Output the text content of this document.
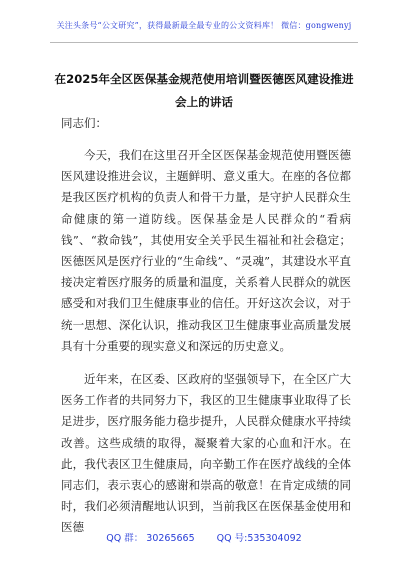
关注头条号“公文研究”，获得最新最全最专业的公文资料库！ 微信：gongwenyj
在2025年全区医保基金规范使用培训暨医德医风建设推进会上的讲话
同志们：

今天，我们在这里召开全区医保基金规范使用暨医德医风建设推进会议，主题鲜明、意义重大。在座的各位都是我区医疗机构的负责人和骨干力量，是守护人民群众生命健康的第一道防线。医保基金是人民群众的“看病钱”、“救命钱”，其使用安全关乎民生福祉和社会稳定；医德医风是医疗行业的“生命线”、“灵魂”，其建设水平直接决定着医疗服务的质量和温度，关系着人民群众的就医感受和对我们卫生健康事业的信任。开好这次会议，对于统一思想、深化认识，推动我区卫生健康事业高质量发展具有十分重要的现实意义和深远的历史意义。

近年来，在区委、区政府的坚强领导下，在全区广大医务工作者的共同努力下，我区的卫生健康事业取得了长足进步，医疗服务能力稳步提升，人民群众健康水平持续改善。这些成绩的取得，凝聚着大家的心血和汗水。在此，我代表区卫生健康局，向辛勤工作在医疗战线的全体同志们，表示衷心的感谢和崇高的敬意！在肯定成绩的同时，我们必须清醒地认识到，当前我区在医保基金使用和医德

QQ 群： 30265665 QQ 号:535304092
